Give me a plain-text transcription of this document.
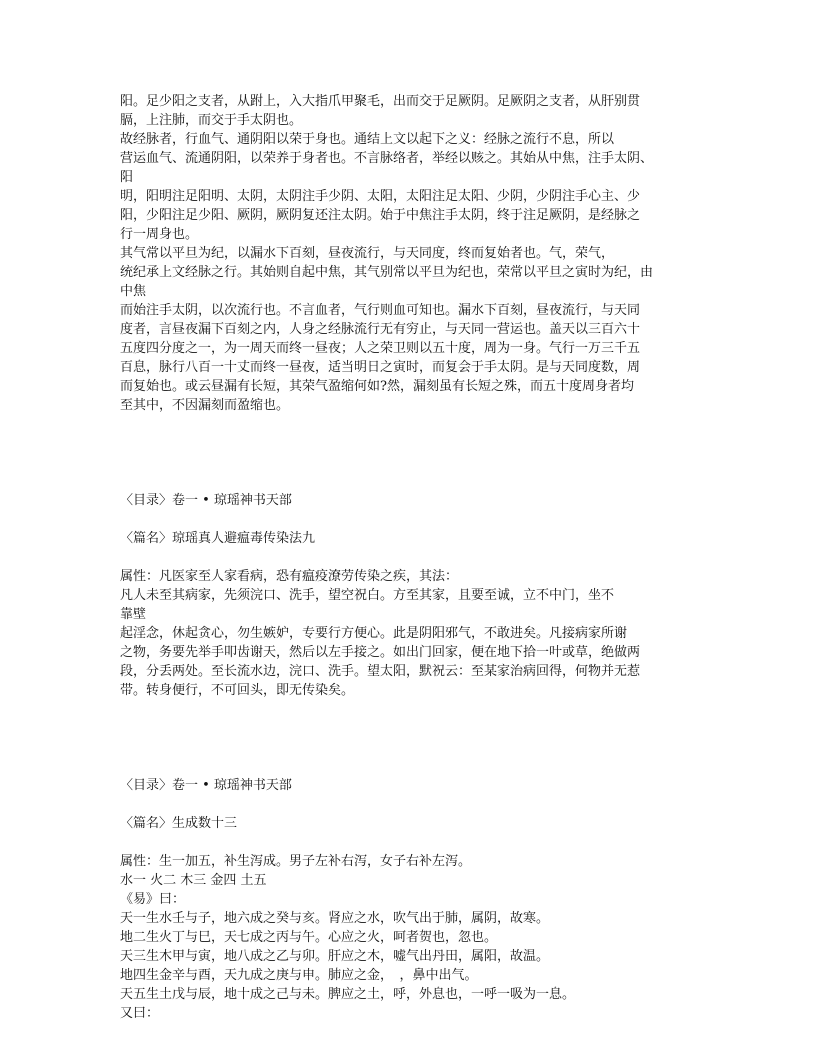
阳。足少阳之支者，从跗上，入大指爪甲聚毛，出而交于足厥阴。足厥阴之支者，从肝别贯
膈，上注肺，而交于手太阴也。
故经脉者，行血气、通阴阳以荣于身也。通结上文以起下之义：经脉之流行不息，所以
营运血气、流通阴阳，以荣养于身者也。不言脉络者，举经以赅之。其始从中焦，注手太阴、
阳
明，阳明注足阳明、太阴，太阴注手少阴、太阳，太阳注足太阳、少阴，少阴注手心主、少
阳，少阳注足少阳、厥阴，厥阴复还注太阴。始于中焦注手太阴，终于注足厥阴，是经脉之
行一周身也。
其气常以平旦为纪，以漏水下百刻，昼夜流行，与天同度，终而复始者也。气，荣气，
统纪承上文经脉之行。其始则自起中焦，其气别常以平旦为纪也，荣常以平旦之寅时为纪，由
中焦
而始注手太阴，以次流行也。不言血者，气行则血可知也。漏水下百刻，昼夜流行，与天同
度者，言昼夜漏下百刻之内，人身之经脉流行无有穷止，与天同一营运也。盖天以三百六十
五度四分度之一，为一周天而终一昼夜；人之荣卫则以五十度，周为一身。气行一万三千五
百息，脉行八百一十丈而终一昼夜，适当明日之寅时，而复会于手太阴。是与天同度数，周
而复始也。或云昼漏有长短，其荣气盈缩何如?然，漏刻虽有长短之殊，而五十度周身者均
至其中，不因漏刻而盈缩也。
〈目录〉卷一 • 琼瑶神书天部
〈篇名〉琼瑶真人避瘟毒传染法九
属性：凡医家至人家看病，恐有瘟疫潦劳传染之疾，其法：
凡人未至其病家，先须浣口、洗手，望空祝白。方至其家，且要至诚，立不中门，坐不
靠壁
起淫念，休起贪心，勿生嫉妒，专要行方便心。此是阴阳邪气，不敢进矣。凡接病家所谢
之物，务要先举手叩齿谢天，然后以左手接之。如出门回家，便在地下拾一叶或草，绝做两
段，分丢两处。至长流水边，浣口、洗手。望太阳，默祝云：至某家治病回得，何物并无惹
带。转身便行，不可回头，即无传染矣。
〈目录〉卷一 • 琼瑶神书天部
〈篇名〉生成数十三
属性：生一加五，补生泻成。男子左补右泻，女子右补左泻。
水一 火二 木三 金四 土五
《易》曰：
天一生水壬与子，地六成之癸与亥。肾应之水，吹气出于肺，属阴，故寒。
地二生火丁与巳，天七成之丙与午。心应之火，呵者贺也，忽也。
天三生木甲与寅，地八成之乙与卯。肝应之木，嘘气出丹田，属阳，故温。
地四生金辛与酉，天九成之庚与申。肺应之金，　，鼻中出气。
天五生土戊与辰，地十成之己与未。脾应之土，呼，外息也，一呼一吸为一息。
又曰：
